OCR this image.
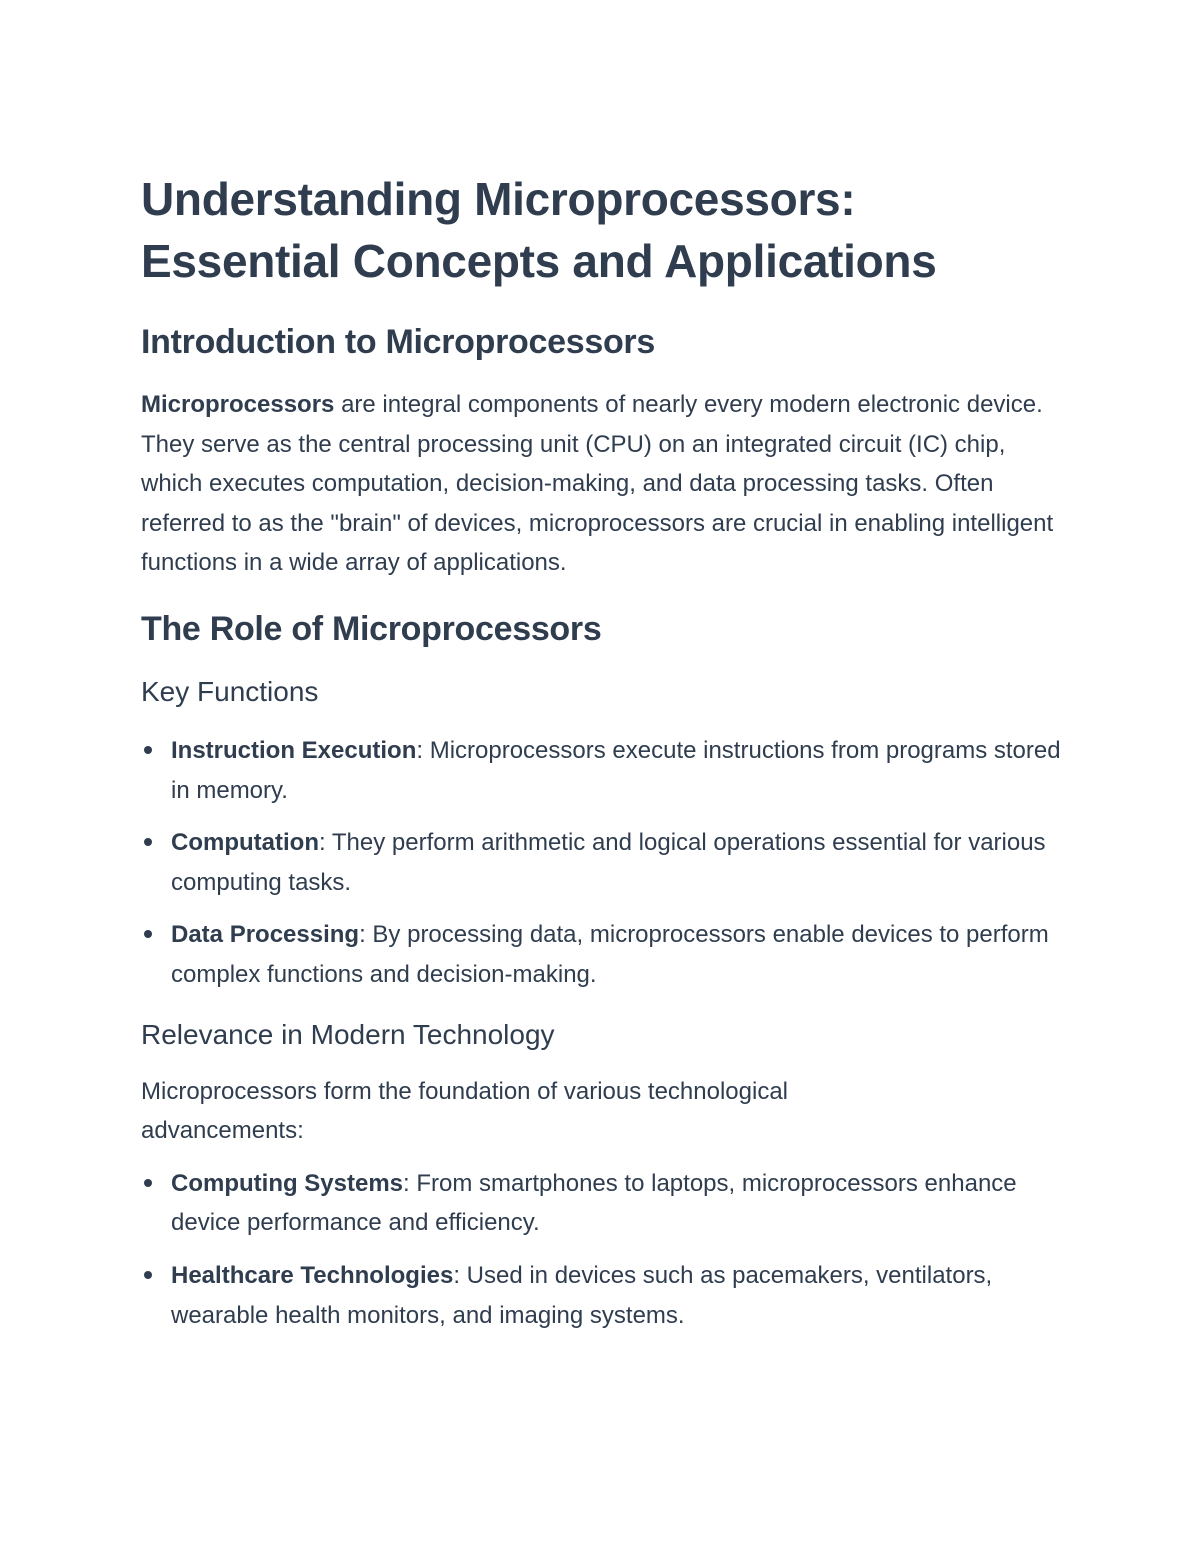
Understanding Microprocessors:
Essential Concepts and Applications
Introduction to Microprocessors

Microprocessors are integral components of nearly every modern electronic device. They serve as the central processing unit (CPU) on an integrated circuit (IC) chip, which executes computation, decision-making, and data processing tasks. Often referred to as the "brain" of devices, microprocessors are crucial in enabling intelligent functions in a wide array of applications.

The Role of Microprocessors
Key Functions
Instruction Execution: Microprocessors execute instructions from programs stored in memory.
Computation: They perform arithmetic and logical operations essential for various computing tasks.
Data Processing: By processing data, microprocessors enable devices to perform complex functions and decision-making.
Relevance in Modern Technology

Microprocessors form the foundation of various technological advancements:

Computing Systems: From smartphones to laptops, microprocessors enhance device performance and efficiency.
Healthcare Technologies: Used in devices such as pacemakers, ventilators, wearable health monitors, and imaging systems.
